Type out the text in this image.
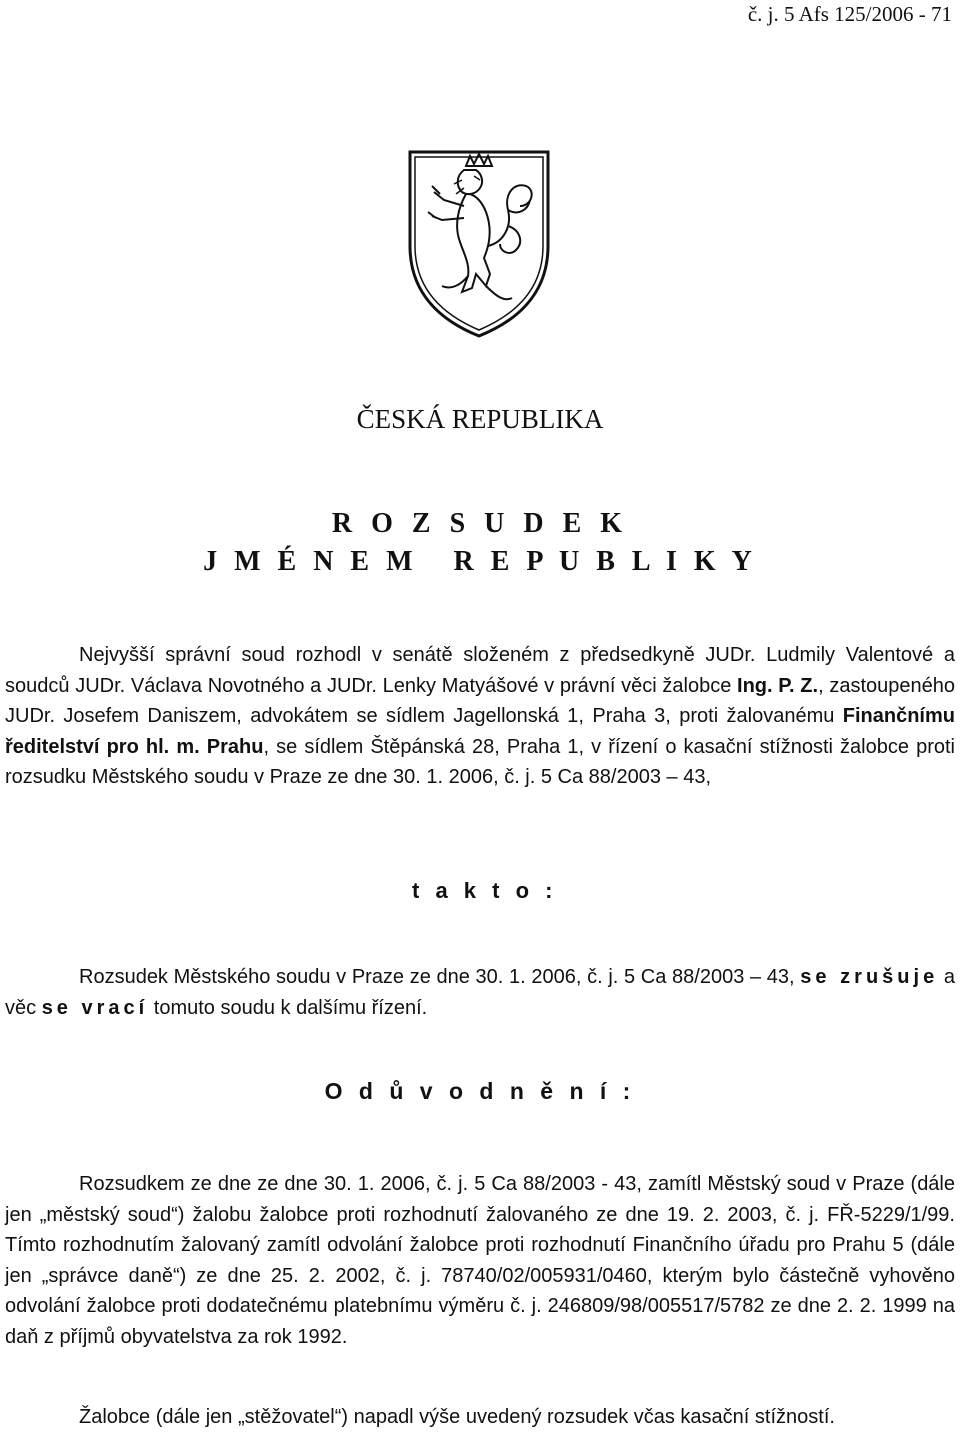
č. j. 5 Afs 125/2006 - 71
ČESKÁ REPUBLIKA
R O Z S U D E K
J M É N E M   R E P U B L I K Y
Nejvyšší správní soud rozhodl v senátě složeném z předsedkyně JUDr. Ludmily Valentové a soudců JUDr. Václava Novotného a JUDr. Lenky Matyášové v právní věci žalobce Ing. P. Z., zastoupeného JUDr. Josefem Daniszem, advokátem se sídlem Jagellonská 1, Praha 3, proti žalovanému Finančnímu ředitelství pro hl. m. Prahu, se sídlem Štěpánská 28, Praha 1, v řízení o kasační stížnosti žalobce proti rozsudku Městského soudu v Praze ze dne 30. 1. 2006, č. j. 5 Ca 88/2003 – 43,
t a k t o :
Rozsudek Městského soudu v Praze ze dne 30. 1. 2006, č. j. 5 Ca 88/2003 – 43, se zrušuje a věc se vrací tomuto soudu k dalšímu řízení.
O d ů v o d n ě n í :
Rozsudkem ze dne ze dne 30. 1. 2006, č. j. 5 Ca 88/2003 - 43, zamítl Městský soud v Praze (dále jen „městský soud“) žalobu žalobce proti rozhodnutí žalovaného ze dne 19. 2. 2003, č. j. FŘ-5229/1/99. Tímto rozhodnutím žalovaný zamítl odvolání žalobce proti rozhodnutí Finančního úřadu pro Prahu 5 (dále jen „správce daně“) ze dne 25. 2. 2002, č. j. 78740/02/005931/0460, kterým bylo částečně vyhověno odvolání žalobce proti dodatečnému platebnímu výměru č. j. 246809/98/005517/5782 ze dne 2. 2. 1999 na daň z příjmů obyvatelstva za rok 1992.
Žalobce (dále jen „stěžovatel“) napadl výše uvedený rozsudek včas kasační stížností.
